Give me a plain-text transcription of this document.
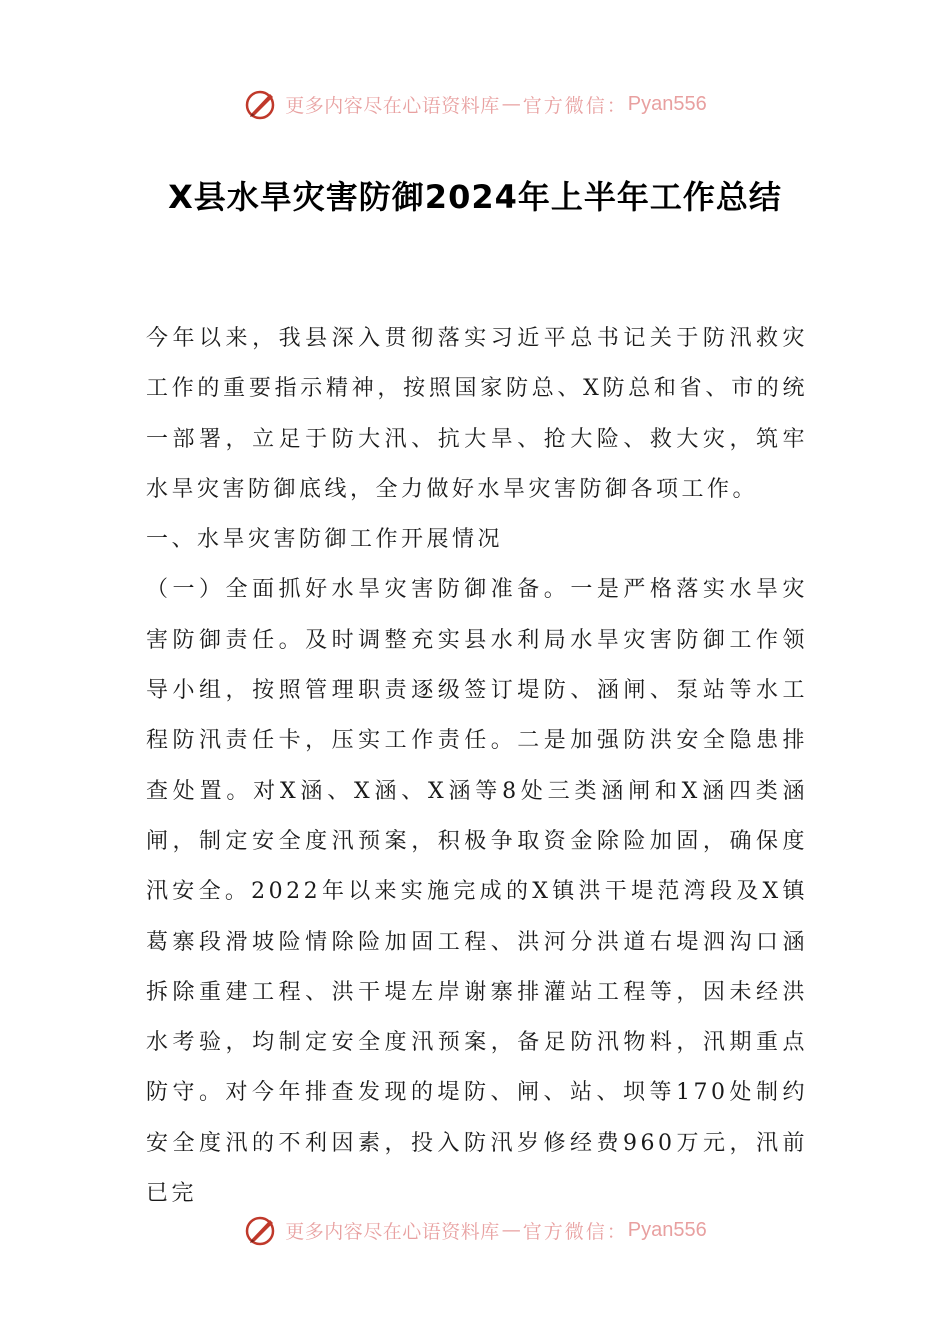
更多内容尽在心语资料库 — 官方微信： Pyan556
X县水旱灾害防御2024年上半年工作总结

今年以来，我县深入贯彻落实习近平总书记关于防汛救灾工作的重要指示精神，按照国家防总、X防总和省、市的统一部署，立足于防大汛、抗大旱、抢大险、救大灾，筑牢水旱灾害防御底线，全力做好水旱灾害防御各项工作。

一、水旱灾害防御工作开展情况

（一）全面抓好水旱灾害防御准备。一是严格落实水旱灾害防御责任。及时调整充实县水利局水旱灾害防御工作领导小组，按照管理职责逐级签订堤防、涵闸、泵站等水工程防汛责任卡，压实工作责任。二是加强防洪安全隐患排查处置。对X涵、X涵、X涵等8处三类涵闸和X涵四类涵闸，制定安全度汛预案，积极争取资金除险加固，确保度汛安全。2022年以来实施完成的X镇洪干堤范湾段及X镇葛寨段滑坡险情除险加固工程、洪河分洪道右堤泗沟口涵拆除重建工程、洪干堤左岸谢寨排灌站工程等，因未经洪水考验，均制定安全度汛预案，备足防汛物料，汛期重点防守。对今年排查发现的堤防、闸、站、坝等170处制约安全度汛的不利因素，投入防汛岁修经费960万元，汛前已完

更多内容尽在心语资料库 — 官方微信： Pyan556
